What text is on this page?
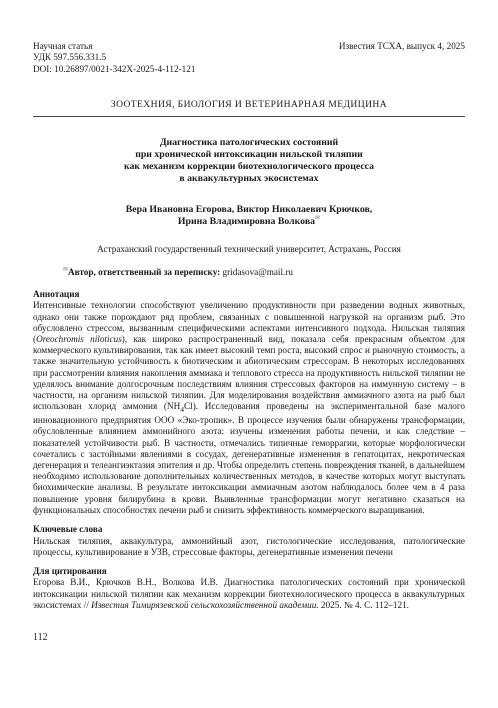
Научная статья
УДК 597.556.331.5
DOI: 10.26897/0021-342X-2025-4-112-121
Известия ТСХА, выпуск 4, 2025
ЗООТЕХНИЯ, БИОЛОГИЯ И ВЕТЕРИНАРНАЯ МЕДИЦИНА
Диагностика патологических состояний
при хронической интоксикации нильской тиляпии
как механизм коррекции биотехнологического процесса
в аквакультурных экосистемах
Вера Ивановна Егорова, Виктор Николаевич Крючков,
Ирина Владимировна Волкова✉
Астраханский государственный технический университет, Астрахань, Россия
✉Автор, ответственный за переписку: gridasova@mail.ru
Аннотация
Интенсивные технологии способствуют увеличению продуктивности при разведении водных животных, однако они также порождают ряд проблем, связанных с повышенной нагрузкой на организм рыб. Это обусловлено стрессом, вызванным специфическими аспектами интенсивного подхода. Нильская тиляпия (Oreochromis niloticus), как широко распространенный вид, показала себя прекрасным объектом для коммерческого культивирования, так как имеет высокий темп роста, высокий спрос и рыночную стоимость, а также значительную устойчивость к биотическим и абиотическим стрессорам. В некоторых исследованиях при рассмотрении влияния накопления аммиака и теплового стресса на продуктивность нильской тиляпии не уделялось внимание долгосрочным последствиям влияния стрессовых факторов на иммунную систему – в частности, на организм нильской тиляпии. Для моделирования воздействия аммиачного азота на рыб был использован хлорид аммония $(NH_4Cl)$. Исследования проведены на экспериментальной базе малого инновационного предприятия ООО «Эко-тропик». В процессе изучения были обнаружены трансформации, обусловленные влиянием аммонийного азота: изучены изменения работы печени, и как следствие – показателей устойчивости рыб. В частности, отмечались типичные геморрагии, которые морфологически сочетались с застойными явлениями в сосудах, дегенеративные изменения в гепатоцитах, некротическая дегенерация и телеангиэктазия эпителия и др. Чтобы определить степень повреждения тканей, в дальнейшем необходимо использование дополнительных количественных методов, в качестве которых могут выступать биохимические анализы. В результате интоксикации аммиачным азотом наблюдалось более чем в 4 раза повышение уровня билирубина в крови. Выявленные трансформации могут негативно сказаться на функциональных способностях печени рыб и снизить эффективность коммерческого выращивания.
Ключевые слова
Нильская тиляпия, аквакультура, аммонийный азот, гистологические исследования, патологические процессы, культивирование в УЗВ, стрессовые факторы, дегенеративные изменения печени
Для цитирования
Егорова В.И., Крючков В.Н., Волкова И.В. Диагностика патологических состояний при хронической интоксикации нильской тиляпии как механизм коррекции биотехнологического процесса в аквакультурных экосистемах // Известия Тимирязевской сельскохозяйственной академии. 2025. № 4. С. 112–121.
112
